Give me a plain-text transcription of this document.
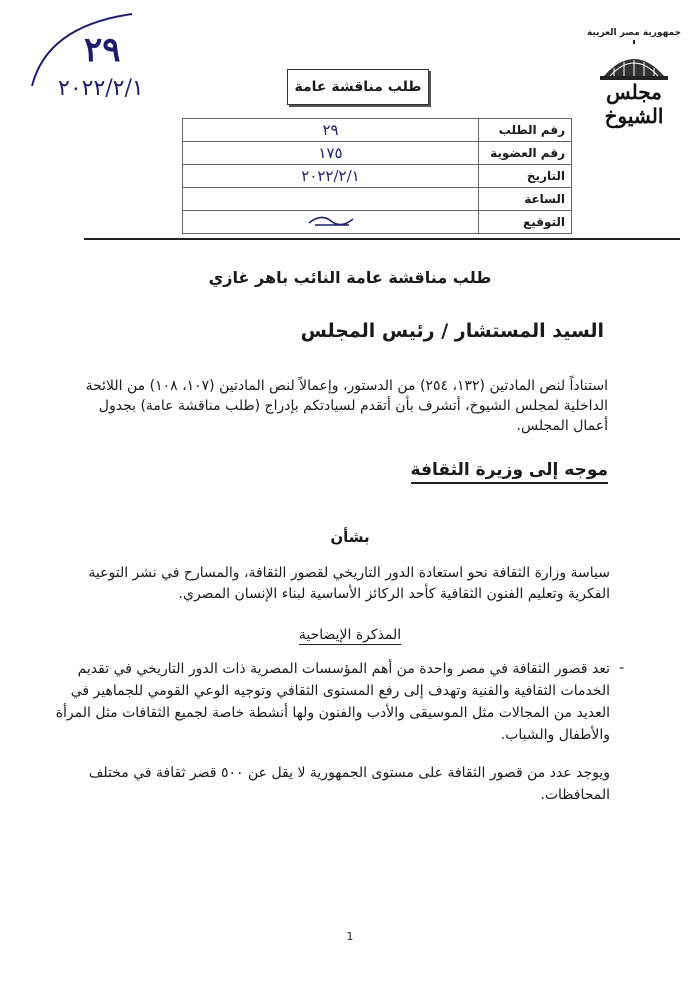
٢٩
٢٠٢٢/٢/١
جمهورية مصر العربية
مجلس الشيوخ
طلب مناقشة عامة
رقم الطلب	٢٩
رقم العضوية	١٧٥
التاريخ	٢٠٢٢/٢/١
الساعة	
التوقيع	
طلب مناقشة عامة النائب باهر غازي
السيد المستشار / رئيس المجلس
استناداً لنص المادتين (١٣٢، ٢٥٤) من الدستور، وإعمالاً لنص المادتين (١٠٧، ١٠٨) من اللائحة الداخلية لمجلس الشيوخ، أتشرف بأن أتقدم لسيادتكم بإدراج (طلب مناقشة عامة) بجدول أعمال المجلس.
موجه إلى وزيرة الثقافة
بشأن
سياسة وزارة الثقافة نحو استعادة الدور التاريخي لقصور الثقافة، والمسارح في نشر التوعية الفكرية وتعليم الفنون الثقافية كأحد الركائز الأساسية لبناء الإنسان المصري.
المذكرة الإيضاحية
-
تعد قصور الثقافة في مصر واحدة من أهم المؤسسات المصرية ذات الدور التاريخي في تقديم الخدمات الثقافية والفنية وتهدف إلى رفع المستوى الثقافي وتوجيه الوعي القومي للجماهير في العديد من المجالات مثل الموسيقى والأدب والفنون ولها أنشطة خاصة لجميع الثقافات مثل المرأة والأطفال والشباب.
ويوجد عدد من قصور الثقافة على مستوى الجمهورية لا يقل عن ٥٠٠ قصر ثقافة في مختلف المحافظات.
1
